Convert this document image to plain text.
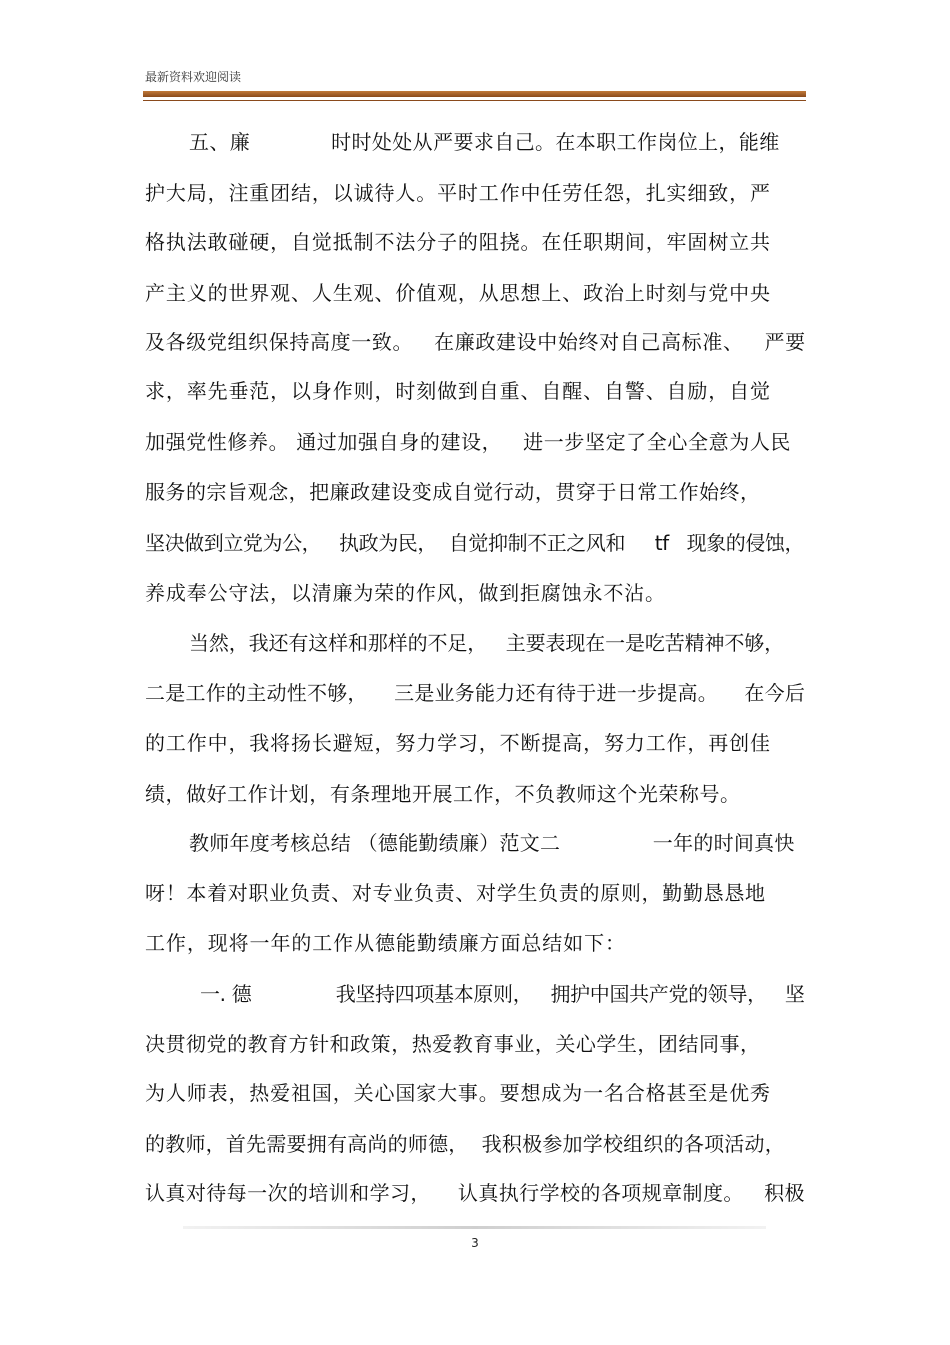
最新资料欢迎阅读
五、廉            时时处处从严要求自己。在本职工作岗位上，能维
护大局，注重团结，以诚待人。平时工作中任劳任怨，扎实细致，严
格执法敢碰硬，自觉抵制不法分子的阻挠。在任职期间，牢固树立共
产主义的世界观、人生观、价值观，从思想上、政治上时刻与党中央
及各级党组织保持高度一致。   在廉政建设中始终对自己高标准、   严要
求，率先垂范，以身作则，时刻做到自重、自醒、自警、自励，自觉
加强党性修养。 通过加强自身的建设，   进一步坚定了全心全意为人民
服务的宗旨观念，把廉政建设变成自觉行动，贯穿于日常工作始终，
坚决做到立党为公，   执政为民，  自觉抑制不正之风和     tf   现象的侵蚀，
养成奉公守法，以清廉为荣的作风，做到拒腐蚀永不沾。
当然，我还有这样和那样的不足，   主要表现在一是吃苦精神不够，
二是工作的主动性不够，    三是业务能力还有待于进一步提高。    在今后
的工作中，我将扬长避短，努力学习，不断提高，努力工作，再创佳
绩，做好工作计划，有条理地开展工作，不负教师这个光荣称号。
教师年度考核总结 （德能勤绩廉）范文二              一年的时间真快
呀！本着对职业负责、对专业负责、对学生负责的原则，勤勤恳恳地
工作，现将一年的工作从德能勤绩廉方面总结如下：
一. 德              我坚持四项基本原则，   拥护中国共产党的领导，   坚
决贯彻党的教育方针和政策，热爱教育事业，关心学生，团结同事，
为人师表，热爱祖国，关心国家大事。要想成为一名合格甚至是优秀
的教师，首先需要拥有高尚的师德，  我积极参加学校组织的各项活动，
认真对待每一次的培训和学习，    认真执行学校的各项规章制度。   积极
3
